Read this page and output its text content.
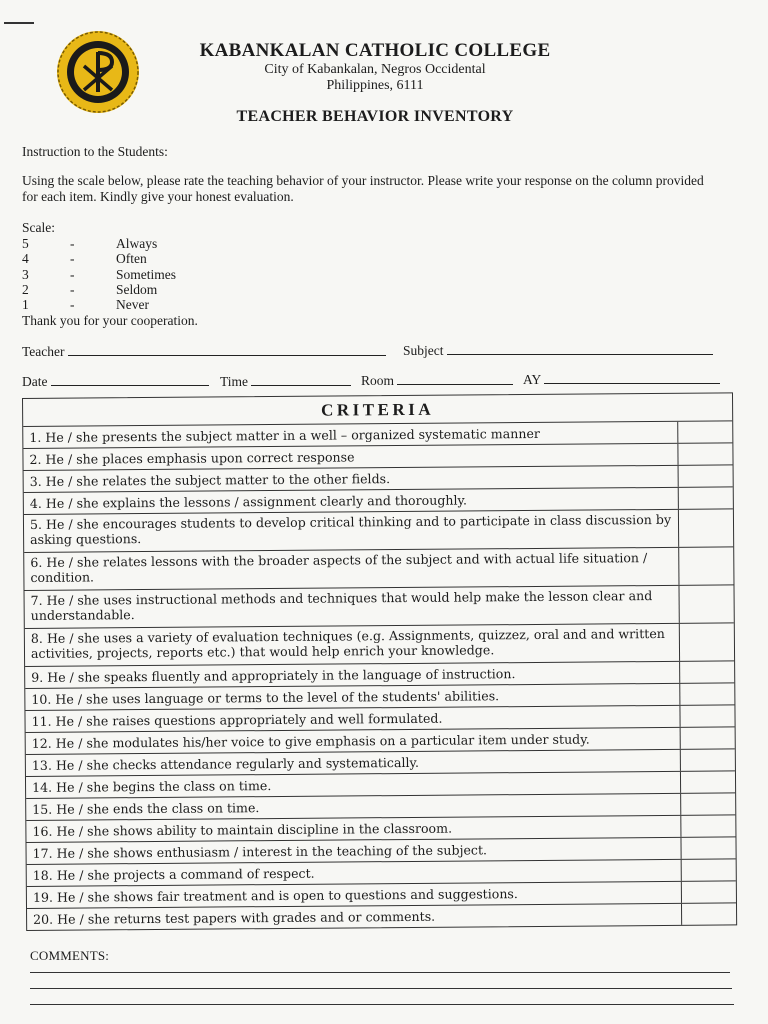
KABANKALAN CATHOLIC COLLEGE
City of Kabankalan, Negros Occidental
Philippines, 6111
TEACHER BEHAVIOR INVENTORY
Instruction to the Students:
Using the scale below, please rate the teaching behavior of your instructor. Please write your response on the column provided for each item. Kindly give your honest evaluation.
Scale:
5	-	Always
4	-	Often
3	-	Sometimes
2	-	Seldom
1	-	Never
Thank you for your cooperation.
Teacher	Subject
Date	Time	Room	AY
CRITERIA
1. He / she presents the subject matter in a well – organized systematic manner
2. He / she places emphasis upon correct response
3. He / she relates the subject matter to the other fields.
4. He / she explains the lessons / assignment clearly and thoroughly.
5. He / she encourages students to develop critical thinking and to participate in class discussion by asking questions.
6. He / she relates lessons with the broader aspects of the subject and with actual life situation / condition.
7. He / she uses instructional methods and techniques that would help make the lesson clear and understandable.
8. He / she uses a variety of evaluation techniques (e.g. Assignments, quizzez, oral and and written activities, projects, reports etc.) that would help enrich your knowledge.
9. He / she speaks fluently and appropriately in the language of instruction.
10. He / she uses language or terms to the level of the students' abilities.
11. He / she raises questions appropriately and well formulated.
12. He / she modulates his/her voice to give emphasis on a particular item under study.
13. He / she checks attendance regularly and systematically.
14. He / she begins the class on time.
15. He / she ends the class on time.
16. He / she shows ability to maintain discipline in the classroom.
17. He / she shows enthusiasm / interest in the teaching of the subject.
18. He / she projects a command of respect.
19. He / she shows fair treatment and is open to questions and suggestions.
20. He / she returns test papers with grades and or comments.
COMMENTS:
